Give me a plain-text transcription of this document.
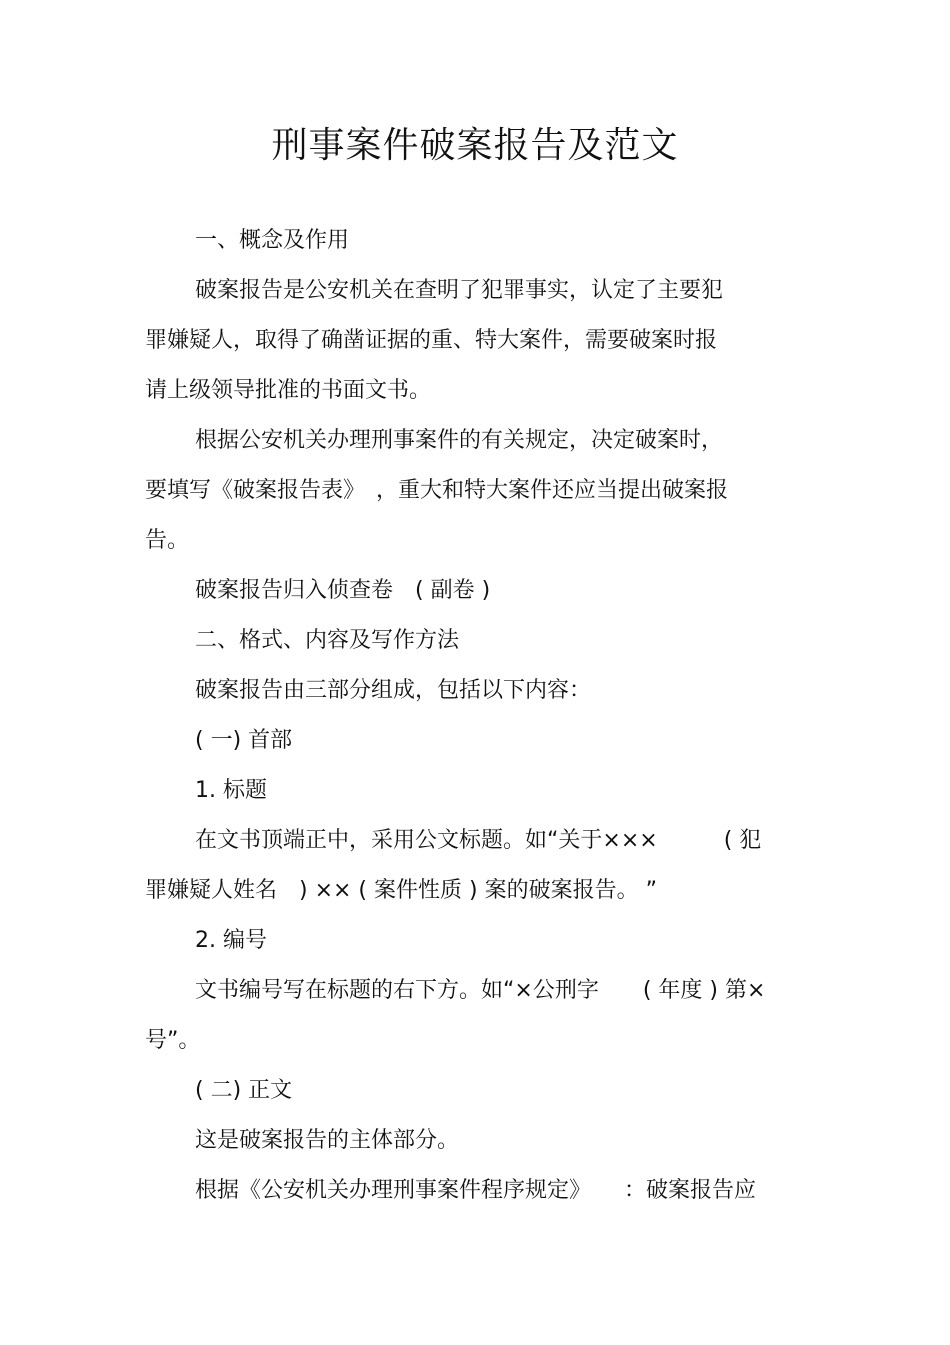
刑事案件破案报告及范文
一、概念及作用
破案报告是公安机关在查明了犯罪事实，认定了主要犯
罪嫌疑人，取得了确凿证据的重、特大案件，需要破案时报
请上级领导批准的书面文书。
根据公安机关办理刑事案件的有关规定，决定破案时，
要填写《破案报告表》　，重大和特大案件还应当提出破案报
告。
破案报告归入侦查卷　( 副卷 )
二、格式、内容及写作方法
破案报告由三部分组成，包括以下内容：
( 一) 首部
1. 标题
在文书顶端正中，采用公文标题。如“关于×××　　　( 犯
罪嫌疑人姓名　) ×× ( 案件性质 ) 案的破案报告。 ”
2. 编号
文书编号写在标题的右下方。如“×公刑字　　( 年度 ) 第×
号”。
( 二) 正文
这是破案报告的主体部分。
根据《公安机关办理刑事案件程序规定》　　：破案报告应
